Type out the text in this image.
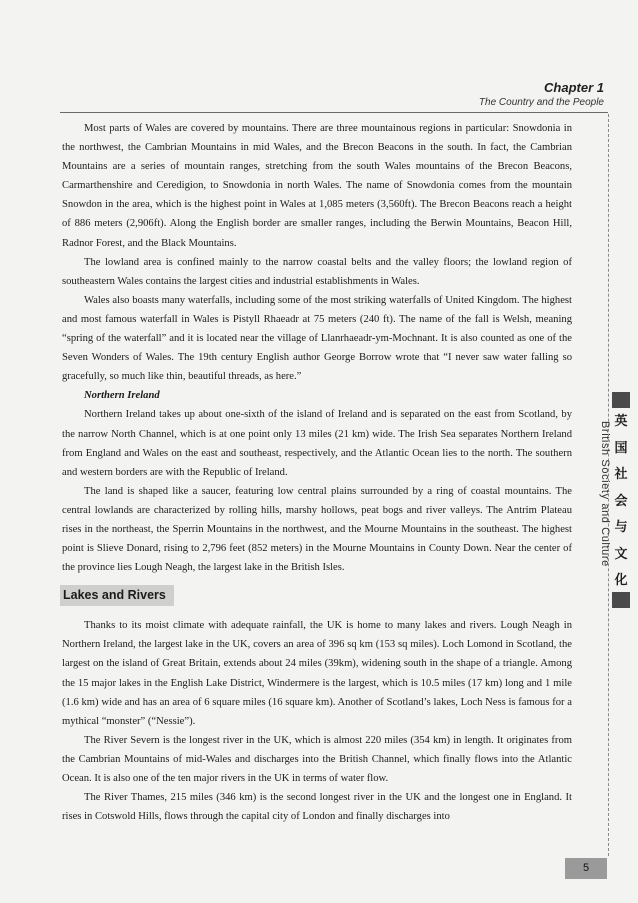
Chapter 1
The Country and the People

Most parts of Wales are covered by mountains. There are three mountainous regions in particular: Snowdonia in the northwest, the Cambrian Mountains in mid Wales, and the Brecon Beacons in the south. In fact, the Cambrian Mountains are a series of mountain ranges, stretching from the south Wales mountains of the Brecon Beacons, Carmarthenshire and Ceredigion, to Snowdonia in north Wales. The name of Snowdonia comes from the mountain Snowdon in the area, which is the highest point in Wales at 1,085 meters (3,560ft). The Brecon Beacons reach a height of 886 meters (2,906ft). Along the English border are smaller ranges, including the Berwin Mountains, Beacon Hill, Radnor Forest, and the Black Mountains.

The lowland area is confined mainly to the narrow coastal belts and the valley floors; the lowland region of southeastern Wales contains the largest cities and industrial establishments in Wales.

Wales also boasts many waterfalls, including some of the most striking waterfalls of United Kingdom. The highest and most famous waterfall in Wales is Pistyll Rhaeadr at 75 meters (240 ft). The name of the fall is Welsh, meaning “spring of the waterfall” and it is located near the village of Llanrhaeadr-ym-Mochnant. It is also counted as one of the Seven Wonders of Wales. The 19th century English author George Borrow wrote that “I never saw water falling so gracefully, so much like thin, beautiful threads, as here.”

Northern Ireland

Northern Ireland takes up about one-sixth of the island of Ireland and is separated on the east from Scotland, by the narrow North Channel, which is at one point only 13 miles (21 km) wide. The Irish Sea separates Northern Ireland from England and Wales on the east and southeast, respectively, and the Atlantic Ocean lies to the north. The southern and western borders are with the Republic of Ireland.

The land is shaped like a saucer, featuring low central plains surrounded by a ring of coastal mountains. The central lowlands are characterized by rolling hills, marshy hollows, peat bogs and river valleys. The Antrim Plateau rises in the northeast, the Sperrin Mountains in the northwest, and the Mourne Mountains in the southeast. The highest point is Slieve Donard, rising to 2,796 feet (852 meters) in the Mourne Mountains in County Down. Near the center of the province lies Lough Neagh, the largest lake in the British Isles.

Lakes and Rivers

Thanks to its moist climate with adequate rainfall, the UK is home to many lakes and rivers. Lough Neagh in Northern Ireland, the largest lake in the UK, covers an area of 396 sq km (153 sq miles). Loch Lomond in Scotland, the largest on the island of Great Britain, extends about 24 miles (39km), widening south in the shape of a triangle. Among the 15 major lakes in the English Lake District, Windermere is the largest, which is 10.5 miles (17 km) long and 1 mile (1.6 km) wide and has an area of 6 square miles (16 square km). Another of Scotland’s lakes, Loch Ness is famous for a mythical “monster” (“Nessie”).

The River Severn is the longest river in the UK, which is almost 220 miles (354 km) in length. It originates from the Cambrian Mountains of mid-Wales and discharges into the British Channel, which finally flows into the Atlantic Ocean. It is also one of the ten major rivers in the UK in terms of water flow.

The River Thames, 215 miles (346 km) is the second longest river in the UK and the longest one in England. It rises in Cotswold Hills, flows through the capital city of London and finally discharges into

英
国
社
会
与
文
化
British Society and Culture
5
